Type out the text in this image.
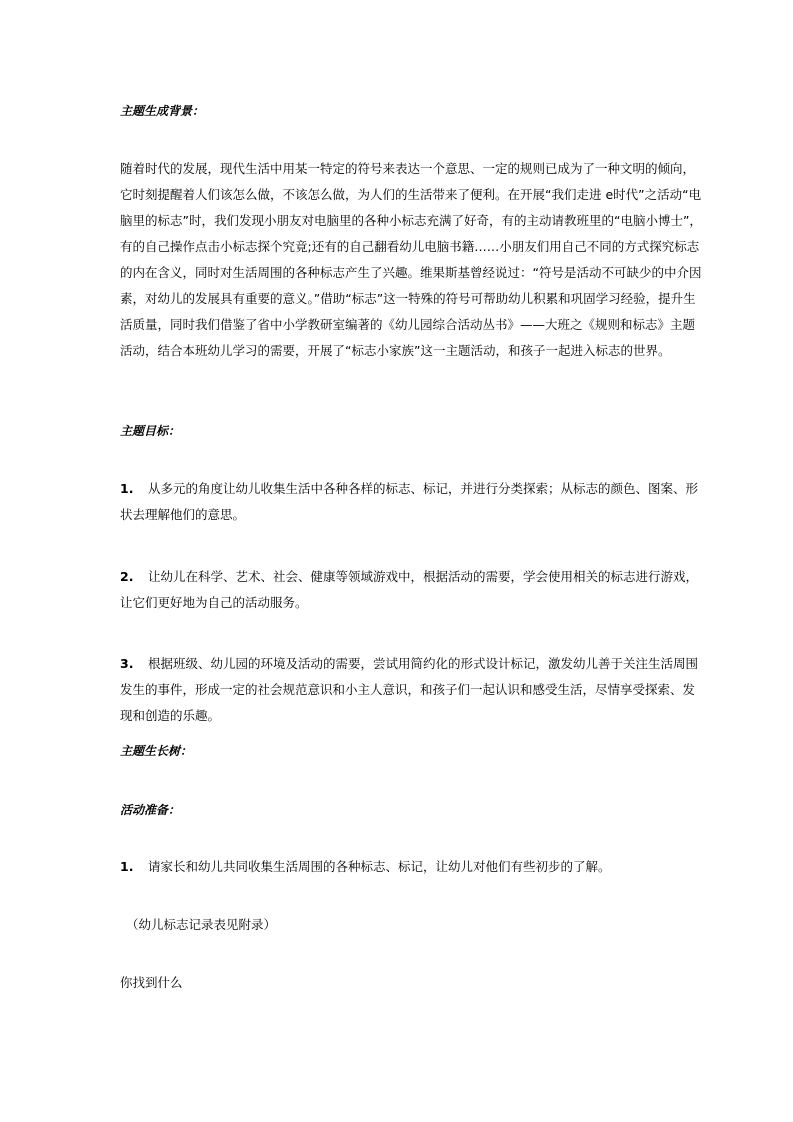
主题生成背景：

随着时代的发展，现代生活中用某一特定的符号来表达一个意思、一定的规则已成为了一种文明的倾向，
它时刻提醒着人们该怎么做，不该怎么做，为人们的生活带来了便利。在开展“我们走进 e时代”之活动“电
脑里的标志”时，我们发现小朋友对电脑里的各种小标志充满了好奇，有的主动请教班里的“电脑小博士”，
有的自己操作点击小标志探个究竟;还有的自己翻看幼儿电脑书籍……小朋友们用自己不同的方式探究标志
的内在含义，同时对生活周围的各种标志产生了兴趣。维果斯基曾经说过：“符号是活动不可缺少的中介因
素，对幼儿的发展具有重要的意义。”借助“标志”这一特殊的符号可帮助幼儿积累和巩固学习经验，提升生
活质量，同时我们借鉴了省中小学教研室编著的《幼儿园综合活动丛书》——大班之《规则和标志》主题
活动，结合本班幼儿学习的需要，开展了“标志小家族”这一主题活动，和孩子一起进入标志的世界。

主题目标：

1. 从多元的角度让幼儿收集生活中各种各样的标志、标记，并进行分类探索；从标志的颜色、图案、形
状去理解他们的意思。

2. 让幼儿在科学、艺术、社会、健康等领域游戏中，根据活动的需要，学会使用相关的标志进行游戏，
让它们更好地为自己的活动服务。

3. 根据班级、幼儿园的环境及活动的需要，尝试用简约化的形式设计标记，激发幼儿善于关注生活周围
发生的事件，形成一定的社会规范意识和小主人意识，和孩子们一起认识和感受生活，尽情享受探索、发
现和创造的乐趣。

主题生长树：

活动准备：

1. 请家长和幼儿共同收集生活周围的各种标志、标记，让幼儿对他们有些初步的了解。

（幼儿标志记录表见附录）

你找到什么
